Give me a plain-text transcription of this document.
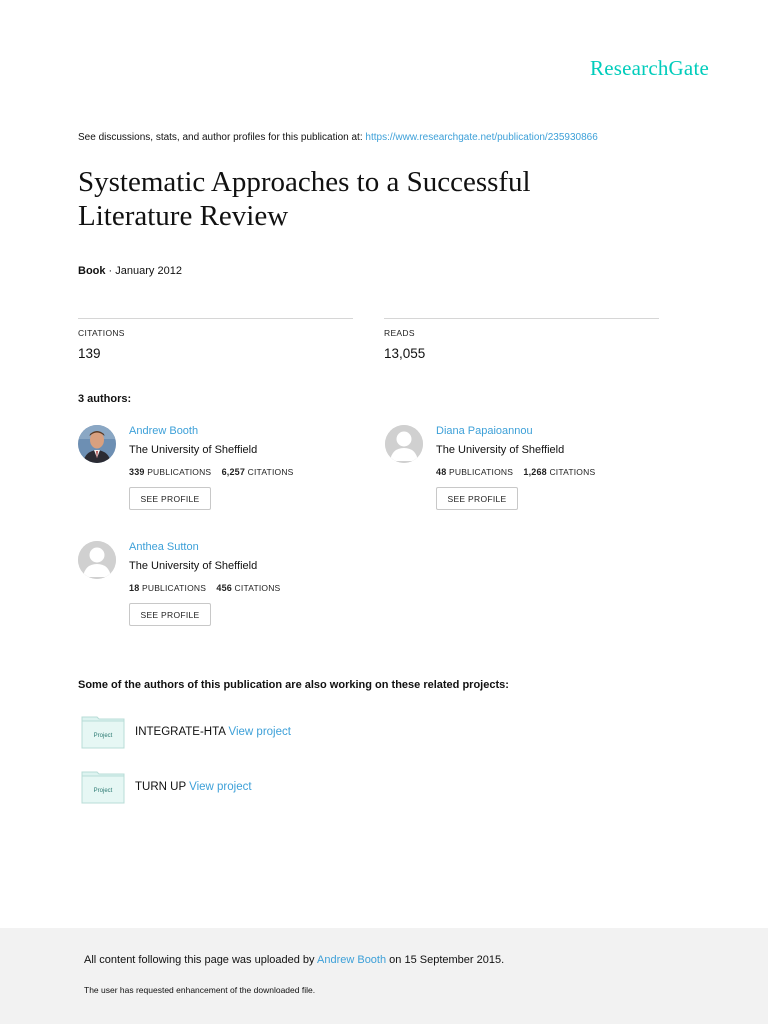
ResearchGate
See discussions, stats, and author profiles for this publication at: https://www.researchgate.net/publication/235930866
Systematic Approaches to a Successful Literature Review
Book · January 2012
CITATIONS
139
READS
13,055
3 authors:
Andrew Booth
The University of Sheffield
339 PUBLICATIONS 6,257 CITATIONS
SEE PROFILE
Diana Papaioannou
The University of Sheffield
48 PUBLICATIONS 1,268 CITATIONS
SEE PROFILE
Anthea Sutton
The University of Sheffield
18 PUBLICATIONS 456 CITATIONS
SEE PROFILE
Some of the authors of this publication are also working on these related projects:
Project INTEGRATE-HTA View project
Project TURN UP View project
All content following this page was uploaded by Andrew Booth on 15 September 2015.
The user has requested enhancement of the downloaded file.
